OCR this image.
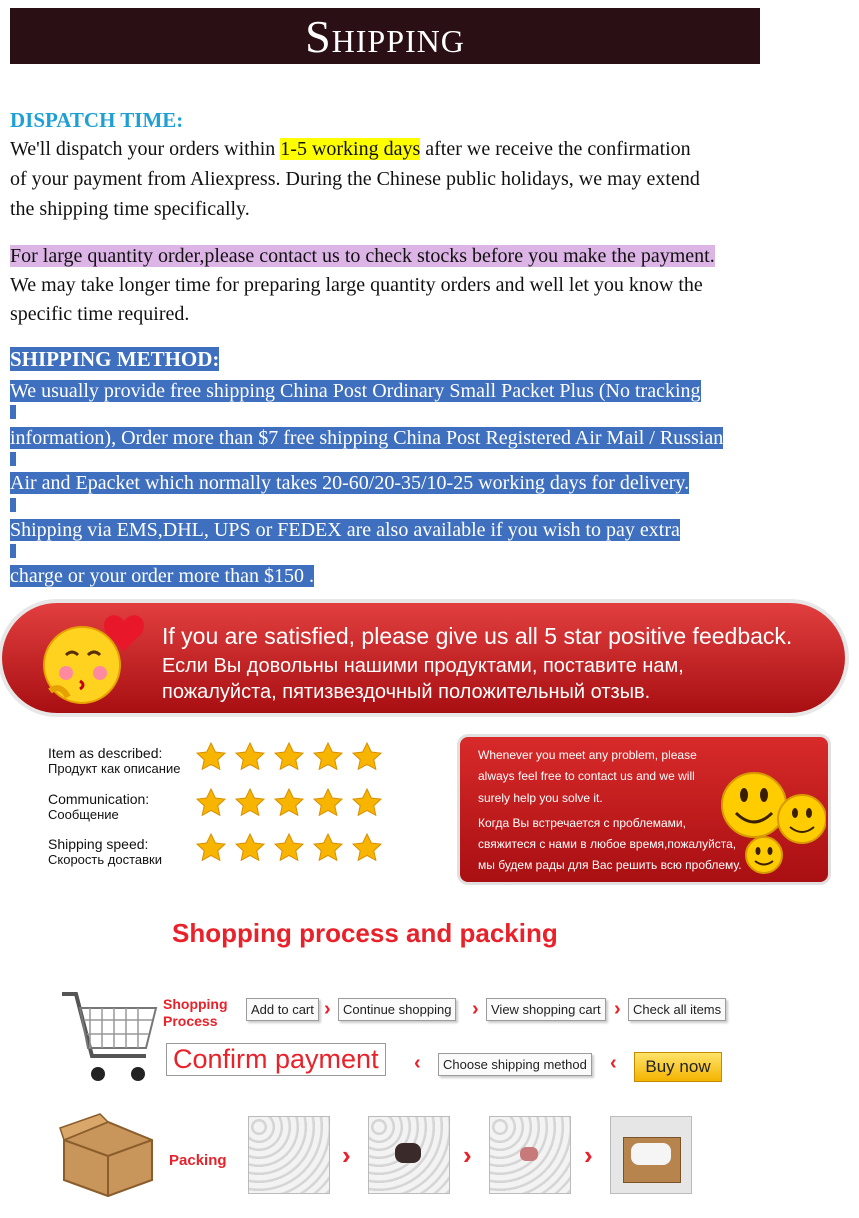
Shipping
DISPATCH TIME:
We'll dispatch your orders within 1-5 working days after we receive the confirmation
of your payment from Aliexpress. During the Chinese public holidays, we may extend
the shipping time specifically.
For large quantity order,please contact us to check stocks before you make the payment.
We may take longer time for preparing large quantity orders and well let you know the
specific time required.
SHIPPING METHOD:
We usually provide free shipping China Post Ordinary Small Packet Plus (No tracking
information), Order more than $7 free shipping China Post Registered Air Mail / Russian
Air and Epacket which normally takes 20-60/20-35/10-25 working days for delivery.
Shipping via EMS,DHL, UPS or FEDEX are also available if you wish to pay extra
charge or your order more than $150 .
If you are satisfied, please give us all 5 star positive feedback.
Если Вы довольны нашими продуктами, поставите нам,
пожалуйста, пятизвездочный положительный отзыв.
Item as described:
Продукт как описание
Communication:
Сообщение
Shipping speed:
Скорость доставки
Whenever you meet any problem, please
always feel free to contact us and we will
surely help you solve it.
Когда Вы встречается с проблемами,
свяжитеся с нами в любое время,пожалуйста,
мы будем рады для Вас решить всю проблему.
Shopping process and packing
Shopping
Process
Add to cart › Continue shopping › View shopping cart › Check all items
Confirm payment	‹	Choose shipping method ‹	Buy now
Packing	›	›	›
